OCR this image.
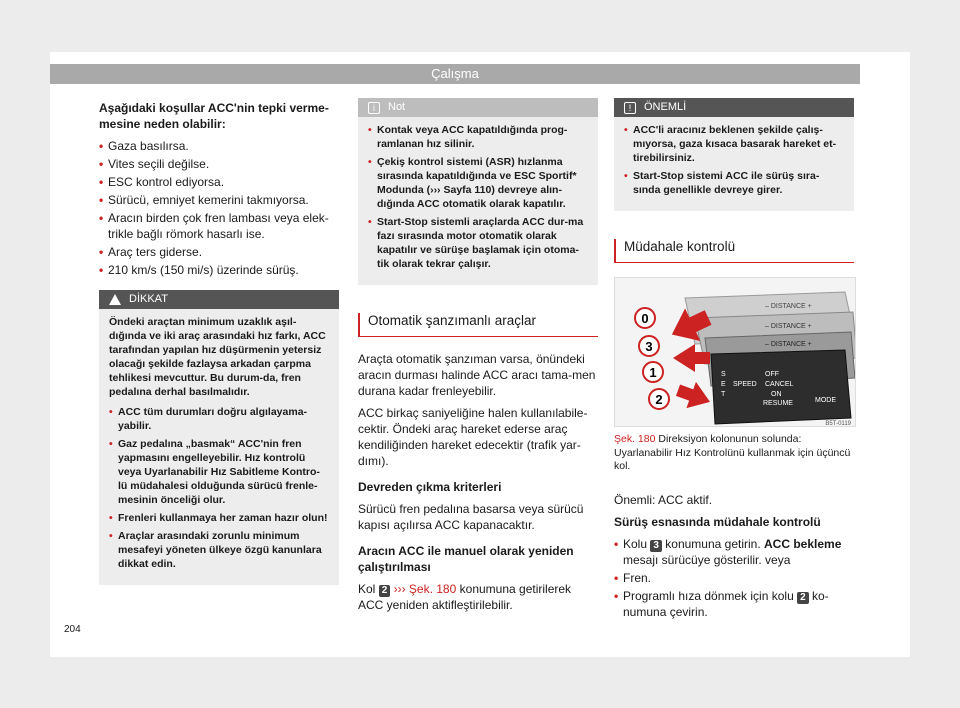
Çalışma

Aşağıdaki koşullar ACC'nin tepki verme-mesine neden olabilir:

• Gaza basılırsa.
• Vites seçili değilse.
• ESC kontrol ediyorsa.
• Sürücü, emniyet kemerini takmıyorsa.
• Aracın birden çok fren lambası veya elek-trikle bağlı römork hasarlı ise.
• Araç ters giderse.
• 210 km/s (150 mi/s) üzerinde sürüş.
DİKKAT

Öndeki araçtan minimum uzaklık aşıl-dığında ve iki araç arasındaki hız farkı, ACC tarafından yapılan hız düşürmenin yetersiz olacağı şekilde fazlaysa arkadan çarpma tehlikesi mevcuttur. Bu durum-da, fren pedalına derhal basılmalıdır.

• ACC tüm durumları doğru algılayama-yabilir.
• Gaz pedalına „basmak“ ACC'nin fren yapmasını engelleyebilir. Hız kontrolü veya Uyarlanabilir Hız Sabitleme Kontro-lü müdahalesi olduğunda sürücü frenle-mesinin önceliği olur.
• Frenleri kullanmaya her zaman hazır olun!
• Araçlar arasındaki zorunlu minimum mesafeyi yöneten ülkeye özgü kanunlara dikkat edin.
i	Not
• Kontak veya ACC kapatıldığında prog-ramlanan hız silinir.
• Çekiş kontrol sistemi (ASR) hızlanma sırasında kapatıldığında ve ESC Sportif* Modunda (››› Sayfa 110) devreye alın-dığında ACC otomatik olarak kapatılır.
• Start-Stop sistemli araçlarda ACC dur-ma fazı sırasında motor otomatik olarak kapatılır ve sürüşe başlamak için otoma-tik olarak tekrar çalışır.
Otomatik şanzımanlı araçlar

Araçta otomatik şanzıman varsa, önündeki aracın durması halinde ACC aracı tama-men durana kadar frenleyebilir.

ACC birkaç saniyeliğine halen kullanılabile-cektir. Öndeki araç hareket ederse araç kendiliğinden hareket edecektir (trafik yar-dımı).

Devreden çıkma kriterleri

Sürücü fren pedalına basarsa veya sürücü kapısı açılırsa ACC kapanacaktır.

Aracın ACC ile manuel olarak yeniden çalıştırılması

Kol 2 ››› Şek. 180 konumuna getirilerek ACC yeniden aktifleştirilebilir.

!	ÖNEMLİ
• ACC'li aracınız beklenen şekilde çalış-mıyorsa, gaza kısaca basarak hareket et-tirebilirsiniz.
• Start-Stop sistemi ACC ile sürüş sıra-sında genellikle devreye girer.
Müdahale kontrolü
– DISTANCE +
– DISTANCE +
– DISTANCE +
S
E
T
SPEED
OFF
CANCEL
ON
RESUME	MODE
0
3
1
2
B5T-0119

Şek. 180 Direksiyon kolonunun solunda: Uyarlanabilir Hız Kontrolünü kullanmak için üçüncü kol.

Önemli: ACC aktif.

Sürüş esnasında müdahale kontrolü

• Kolu 3 konumuna getirin. ACC bekleme mesajı sürücüye gösterilir. veya
• Fren.
• Programlı hıza dönmek için kolu 2 ko-numuna çevirin.
204
